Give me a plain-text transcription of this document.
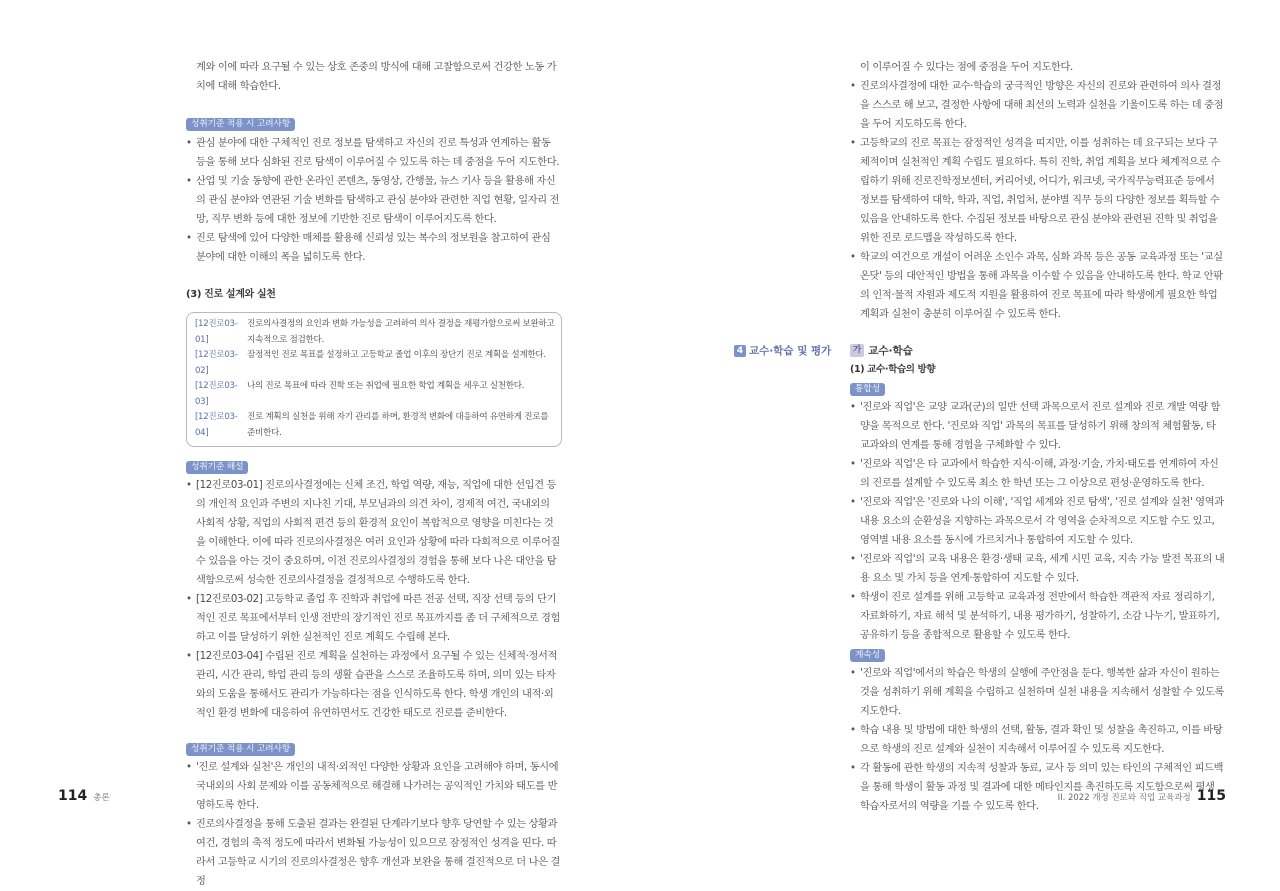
계와 이에 따라 요구될 수 있는 상호 존중의 방식에 대해 고찰함으로써 건강한 노동 가치에 대해 학습한다.

성취기준 적용 시 고려사항
• 관심 분야에 대한 구체적인 진로 정보를 탐색하고 자신의 진로 특성과 연계하는 활동 등을 통해 보다 심화된 진로 탐색이 이루어질 수 있도록 하는 데 중점을 두어 지도한다.
• 산업 및 기술 동향에 관한 온라인 콘텐츠, 동영상, 간행물, 뉴스 기사 등을 활용해 자신의 관심 분야와 연관된 기술 변화를 탐색하고 관심 분야와 관련한 직업 현황, 일자리 전망, 직무 변화 등에 대한 정보에 기반한 진로 탐색이 이루어지도록 한다.
• 진로 탐색에 있어 다양한 매체를 활용해 신뢰성 있는 복수의 정보원을 참고하여 관심 분야에 대한 이해의 폭을 넓히도록 한다.

(3) 진로 설계와 실천

[12진로03-01]
진로의사결정의 요인과 변화 가능성을 고려하여 의사 결정을 재평가함으로써 보완하고 지속적으로 점검한다.
[12진로03-02]
잠정적인 진로 목표를 설정하고 고등학교 졸업 이후의 장단기 진로 계획을 설계한다.
[12진로03-03]
나의 진로 목표에 따라 진학 또는 취업에 필요한 학업 계획을 세우고 실천한다.
[12진로03-04]
진로 계획의 실천을 위해 자기 관리를 하며, 환경적 변화에 대응하여 유연하게 진로를 준비한다.
성취기준 해설
• [12진로03-01] 진로의사결정에는 신체 조건, 학업 역량, 재능, 직업에 대한 선입견 등의 개인적 요인과 주변의 지나친 기대, 부모님과의 의견 차이, 경제적 여건, 국내외의 사회적 상황, 직업의 사회적 편견 등의 환경적 요인이 복합적으로 영향을 미친다는 것을 이해한다. 이에 따라 진로의사결정은 여러 요인과 상황에 따라 다회적으로 이루어질 수 있음을 아는 것이 중요하며, 이전 진로의사결정의 경험을 통해 보다 나은 대안을 탐색함으로써 성숙한 진로의사결정을 결정적으로 수행하도록 한다.
• [12진로03-02] 고등학교 졸업 후 진학과 취업에 따른 전공 선택, 직장 선택 등의 단기적인 진로 목표에서부터 인생 전반의 장기적인 진로 목표까지를 좀 더 구체적으로 경험하고 이를 달성하기 위한 실천적인 진로 계획도 수립해 본다.
• [12진로03-04] 수립된 진로 계획을 실천하는 과정에서 요구될 수 있는 신체적·정서적 관리, 시간 관리, 학업 관리 등의 생활 습관을 스스로 조율하도록 하며, 의미 있는 타자와의 도움을 통해서도 관리가 가능하다는 점을 인식하도록 한다. 학생 개인의 내적·외적인 환경 변화에 대응하여 유연하면서도 건강한 태도로 진로를 준비한다.
성취기준 적용 시 고려사항
• '진로 설계와 실천'은 개인의 내적·외적인 다양한 상황과 요인을 고려해야 하며, 동시에 국내외의 사회 문제와 이를 공동체적으로 해결해 나가려는 공익적인 가치와 태도를 반영하도록 한다.
• 진로의사결정을 통해 도출된 결과는 완결된 단계라기보다 향후 당연할 수 있는 상황과 여건, 경험의 축적 정도에 따라서 변화될 가능성이 있으므로 잠정적인 성격을 띤다. 따라서 고등학교 시기의 진로의사결정은 향후 개선과 보완을 통해 결진적으로 더 나은 결정
114 총론

이 이루어질 수 있다는 점에 중점을 두어 지도한다.

• 진로의사결정에 대한 교수·학습의 궁극적인 방향은 자신의 진로와 관련하여 의사 결정을 스스로 해 보고, 결정한 사항에 대해 최선의 노력과 실천을 기울이도록 하는 데 중점을 두어 지도하도록 한다.
• 고등학교의 진로 목표는 잠정적인 성격을 띠지만, 이를 성취하는 데 요구되는 보다 구체적이며 실천적인 계획 수립도 필요하다. 특히 진학, 취업 계획을 보다 체계적으로 수립하기 위해 진로진학정보센터, 커리어넷, 어디가, 워크넷, 국가직무능력표준 등에서 정보를 탐색하여 대학, 학과, 직업, 취업처, 분야별 직무 등의 다양한 정보를 획득할 수 있음을 안내하도록 한다. 수집된 정보를 바탕으로 관심 분야와 관련된 진학 및 취업을 위한 진로 로드맵을 작성하도록 한다.
• 학교의 여건으로 개설이 어려운 소인수 과목, 심화 과목 등은 공동 교육과정 또는 '교실온닷' 등의 대안적인 방법을 통해 과목을 이수할 수 있음을 안내하도록 한다. 학교 안팎의 인적·물적 자원과 제도적 지원을 활용하여 진로 목표에 따라 학생에게 필요한 학업 계획과 실천이 충분히 이루어질 수 있도록 한다.
4 교수·학습 및 평가	가 교수·학습

(1) 교수·학습의 방향

통합성
• '진로와 직업'은 교양 교과(군)의 일반 선택 과목으로서 진로 설계와 진로 개발 역량 함양을 목적으로 한다. '진로와 직업' 과목의 목표를 달성하기 위해 창의적 체험활동, 타 교과와의 연계를 통해 경험을 구체화할 수 있다.
• '진로와 직업'은 타 교과에서 학습한 지식·이해, 과정·기술, 가치·태도를 연계하여 자신의 진로를 설계할 수 있도록 최소 한 학년 또는 그 이상으로 편성·운영하도록 한다.
• '진로와 직업'은 '진로와 나의 이해', '직업 세계와 진로 탐색', '진로 설계와 실천' 영역과 내용 요소의 순환성을 지향하는 과목으로서 각 영역을 순차적으로 지도할 수도 있고, 영역별 내용 요소를 동시에 가르치거나 통합하여 지도할 수 있다.
• '진로와 직업'의 교육 내용은 환경·생태 교육, 세계 시민 교육, 지속 가능 발전 목표의 내용 요소 및 가치 등을 연계·통합하여 지도할 수 있다.
• 학생이 진로 설계를 위해 고등학교 교육과정 전반에서 학습한 객관적 자료 정리하기, 자료화하기, 자료 해석 및 분석하기, 내용 평가하기, 성찰하기, 소감 나누기, 발표하기, 공유하기 등을 종합적으로 활용할 수 있도록 한다.
계속성
• '진로와 직업'에서의 학습은 학생의 실행에 주안점을 둔다. 행복한 삶과 자신이 원하는 것을 성취하기 위해 계획을 수립하고 실천하며 실천 내용을 지속해서 성찰할 수 있도록 지도한다.
• 학습 내용 및 방법에 대한 학생의 선택, 활동, 결과 확인 및 성찰을 촉진하고, 이를 바탕으로 학생의 진로 설계와 실천이 지속해서 이루어질 수 있도록 지도한다.
• 각 활동에 관한 학생의 지속적 성찰과 동료, 교사 등 의미 있는 타인의 구체적인 피드백을 통해 학생이 활동 과정 및 결과에 대한 메타인지를 촉진하도록 지도함으로써 평생 학습자로서의 역량을 기를 수 있도록 한다.
II. 2022 개정 진로와 직업 교육과정 115
